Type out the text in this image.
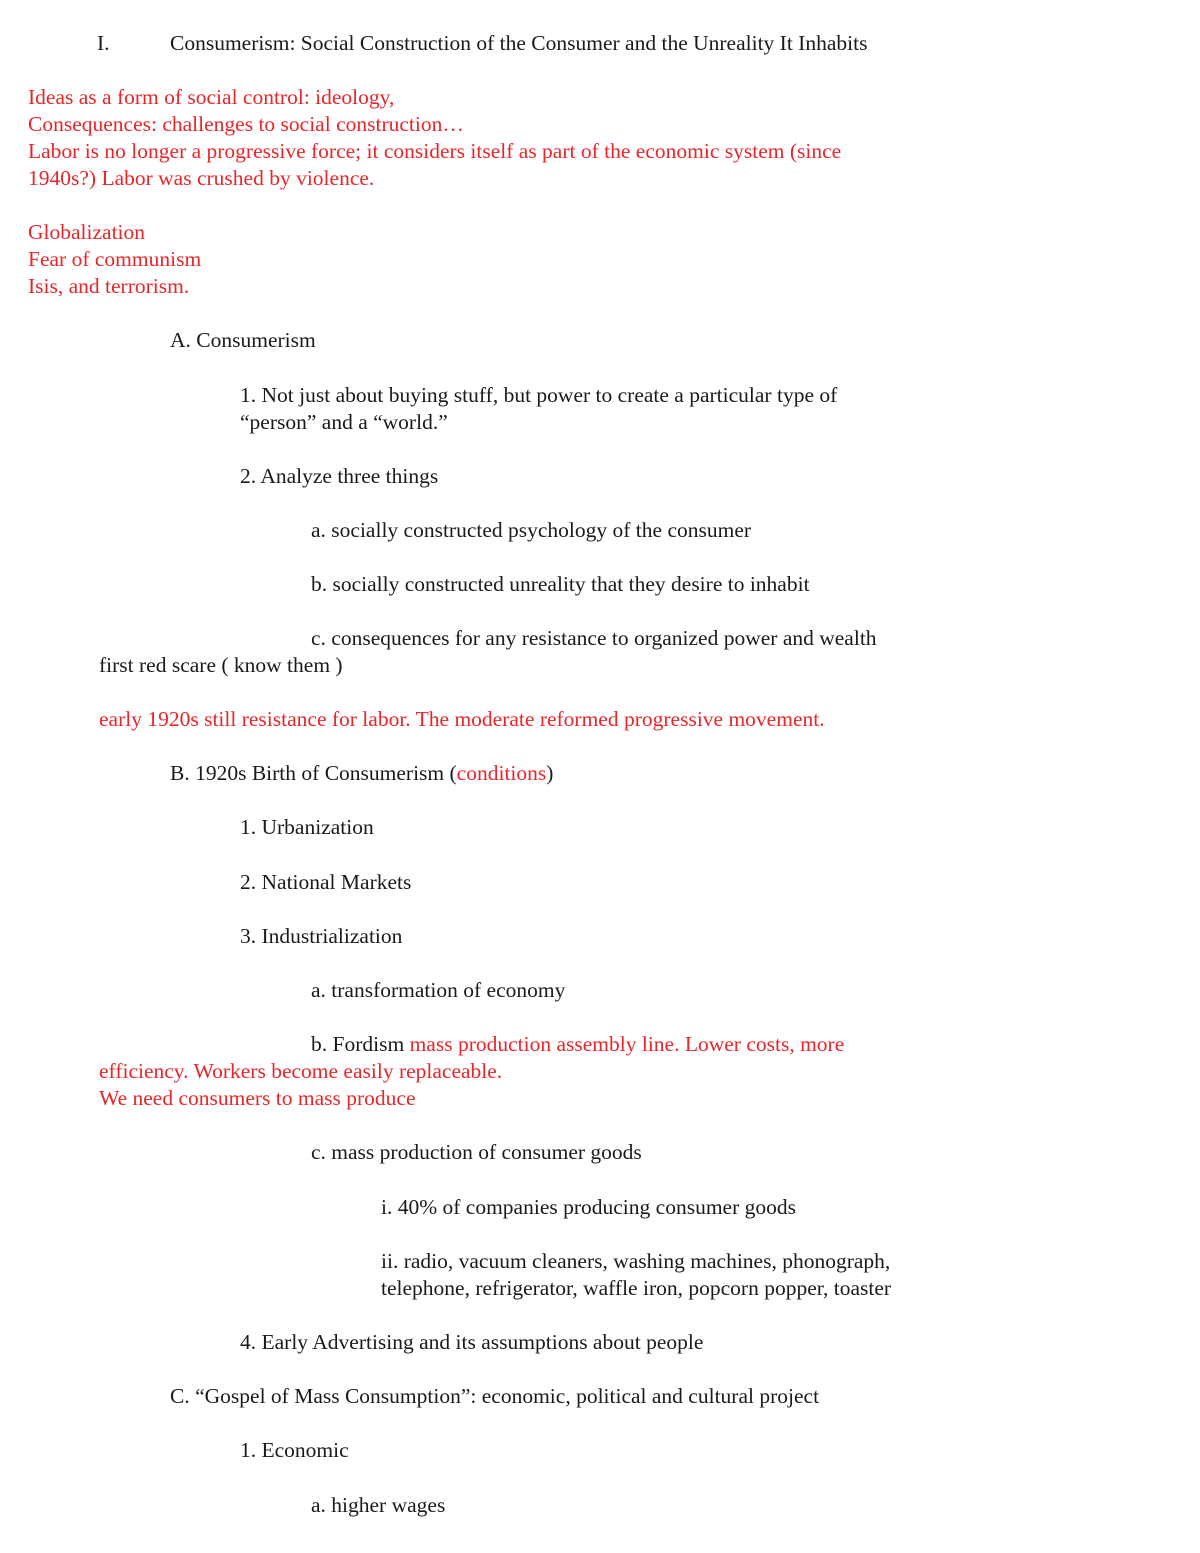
I.	Consumerism: Social Construction of the Consumer and the Unreality It Inhabits
Ideas as a form of social control: ideology,
Consequences: challenges to social construction…
Labor is no longer a progressive force; it considers itself as part of the economic system (since
1940s?) Labor was crushed by violence.
Globalization
Fear of communism
Isis, and terrorism.
A. Consumerism
1. Not just about buying stuff, but power to create a particular type of
“person” and a “world.”
2. Analyze three things
a. socially constructed psychology of the consumer
b. socially constructed unreality that they desire to inhabit
c. consequences for any resistance to organized power and wealth
first red scare ( know them )
early 1920s still resistance for labor. The moderate reformed progressive movement.
B. 1920s Birth of Consumerism (conditions)
1. Urbanization
2. National Markets
3. Industrialization
a. transformation of economy
b. Fordism mass production assembly line. Lower costs, more
efficiency. Workers become easily replaceable.
We need consumers to mass produce
c. mass production of consumer goods
i. 40% of companies producing consumer goods
ii. radio, vacuum cleaners, washing machines, phonograph,
telephone, refrigerator, waffle iron, popcorn popper, toaster
4. Early Advertising and its assumptions about people
C. “Gospel of Mass Consumption”: economic, political and cultural project
1. Economic
a. higher wages
